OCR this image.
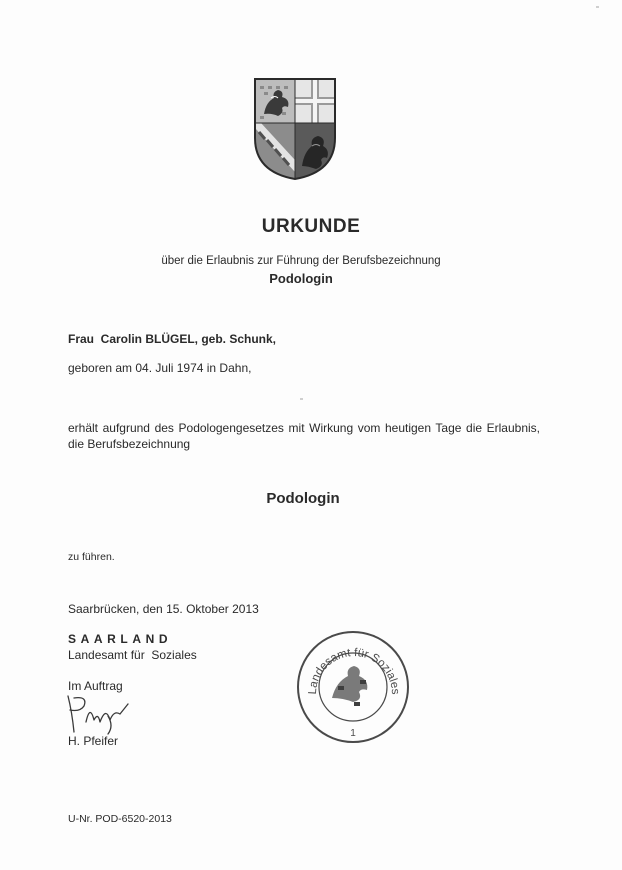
URKUNDE
über die Erlaubnis zur Führung der Berufsbezeichnung
Podologin
Frau  Carolin BLÜGEL, geb. Schunk,
geboren am 04. Juli 1974 in Dahn,
erhält aufgrund des Podologengesetzes mit Wirkung vom heutigen Tage die Erlaubnis, die Berufsbezeichnung
Podologin
zu führen.
Saarbrücken, den 15. Oktober 2013
SAARLAND
Landesamt für  Soziales
Im Auftrag
H. Pfeifer
Landesamt für Soziales
1
U-Nr. POD-6520-2013
